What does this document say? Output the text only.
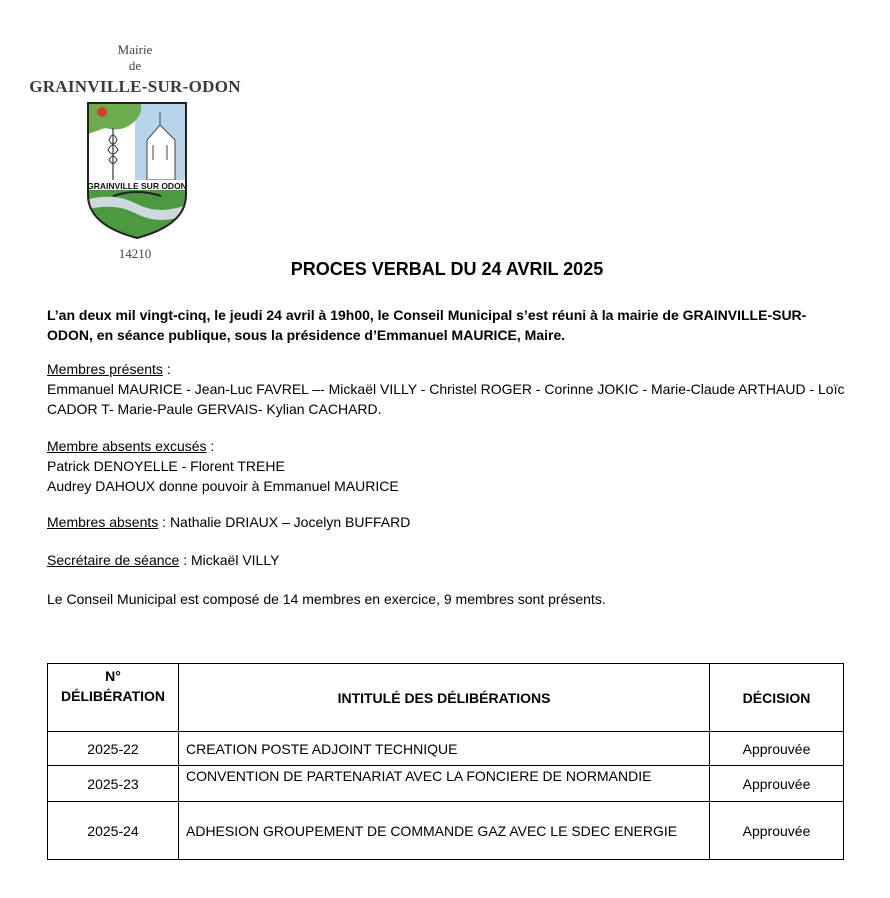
Mairie
de
GRAINVILLE-SUR-ODON
GRAINVILLE SUR ODON
14210
PROCES VERBAL DU 24 AVRIL 2025
L’an deux mil vingt-cinq, le jeudi 24 avril à 19h00, le Conseil Municipal s’est réuni à la mairie de GRAINVILLE-SUR-ODON, en séance publique, sous la présidence d’Emmanuel MAURICE, Maire.
Membres présents :
Emmanuel MAURICE - Jean-Luc FAVREL –- Mickaël VILLY - Christel ROGER - Corinne JOKIC - Marie-Claude ARTHAUD - Loïc CADOR T- Marie-Paule GERVAIS- Kylian CACHARD.
Membre absents excusés :
Patrick DENOYELLE - Florent TREHE
Audrey DAHOUX donne pouvoir à Emmanuel MAURICE
Membres absents : Nathalie DRIAUX – Jocelyn BUFFARD
Secrétaire de séance : Mickaël VILLY
Le Conseil Municipal est composé de 14 membres en exercice, 9 membres sont présents.
N°
DÉLIBÉRATION	INTITULÉ DES DÉLIBÉRATIONS	DÉCISION
2025-22	CREATION POSTE ADJOINT TECHNIQUE	Approuvée
2025-23	CONVENTION DE PARTENARIAT AVEC LA FONCIERE DE NORMANDIE	Approuvée
2025-24	ADHESION GROUPEMENT DE COMMANDE GAZ AVEC LE SDEC ENERGIE	Approuvée
